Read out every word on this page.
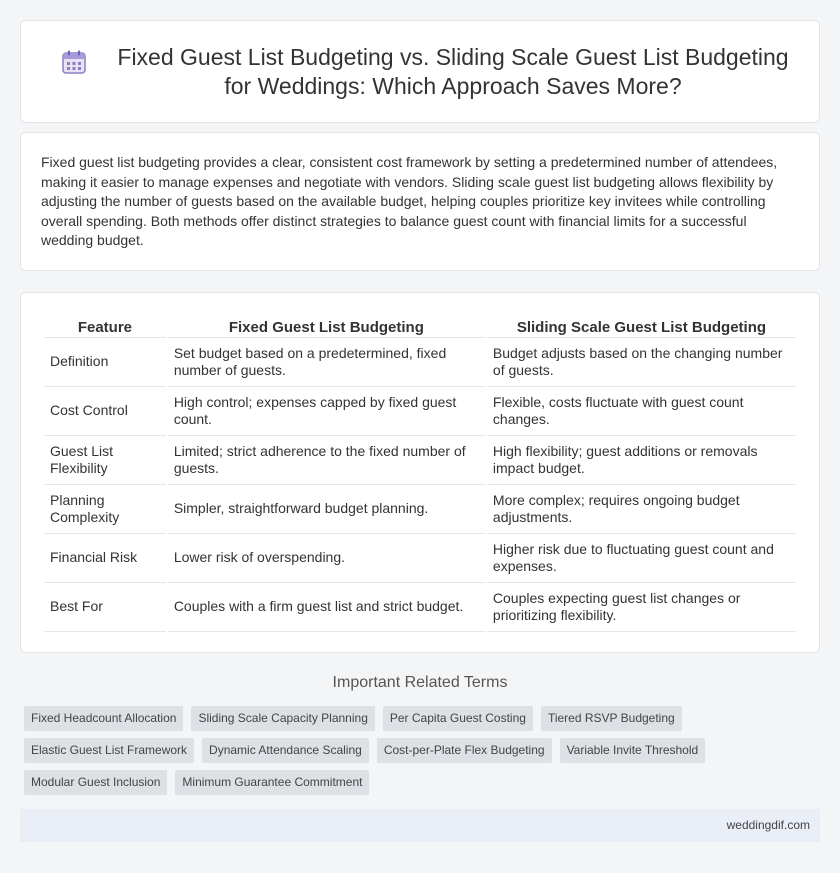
Fixed Guest List Budgeting vs. Sliding Scale Guest List Budgeting for Weddings: Which Approach Saves More?

Fixed guest list budgeting provides a clear, consistent cost framework by setting a predetermined number of attendees, making it easier to manage expenses and negotiate with vendors. Sliding scale guest list budgeting allows flexibility by adjusting the number of guests based on the available budget, helping couples prioritize key invitees while controlling overall spending. Both methods offer distinct strategies to balance guest count with financial limits for a successful wedding budget.

Feature	Fixed Guest List Budgeting	Sliding Scale Guest List Budgeting
Definition	Set budget based on a predetermined, fixed number of guests.	Budget adjusts based on the changing number of guests.
Cost Control	High control; expenses capped by fixed guest count.	Flexible, costs fluctuate with guest count changes.
Guest List Flexibility	Limited; strict adherence to the fixed number of guests.	High flexibility; guest additions or removals impact budget.
Planning Complexity	Simpler, straightforward budget planning.	More complex; requires ongoing budget adjustments.
Financial Risk	Lower risk of overspending.	Higher risk due to fluctuating guest count and expenses.
Best For	Couples with a firm guest list and strict budget.	Couples expecting guest list changes or prioritizing flexibility.
Important Related Terms
Fixed Headcount Allocation	Sliding Scale Capacity Planning	Per Capita Guest Costing	Tiered RSVP Budgeting
Elastic Guest List Framework	Dynamic Attendance Scaling	Cost-per-Plate Flex Budgeting	Variable Invite Threshold
Modular Guest Inclusion	Minimum Guarantee Commitment
weddingdif.com
